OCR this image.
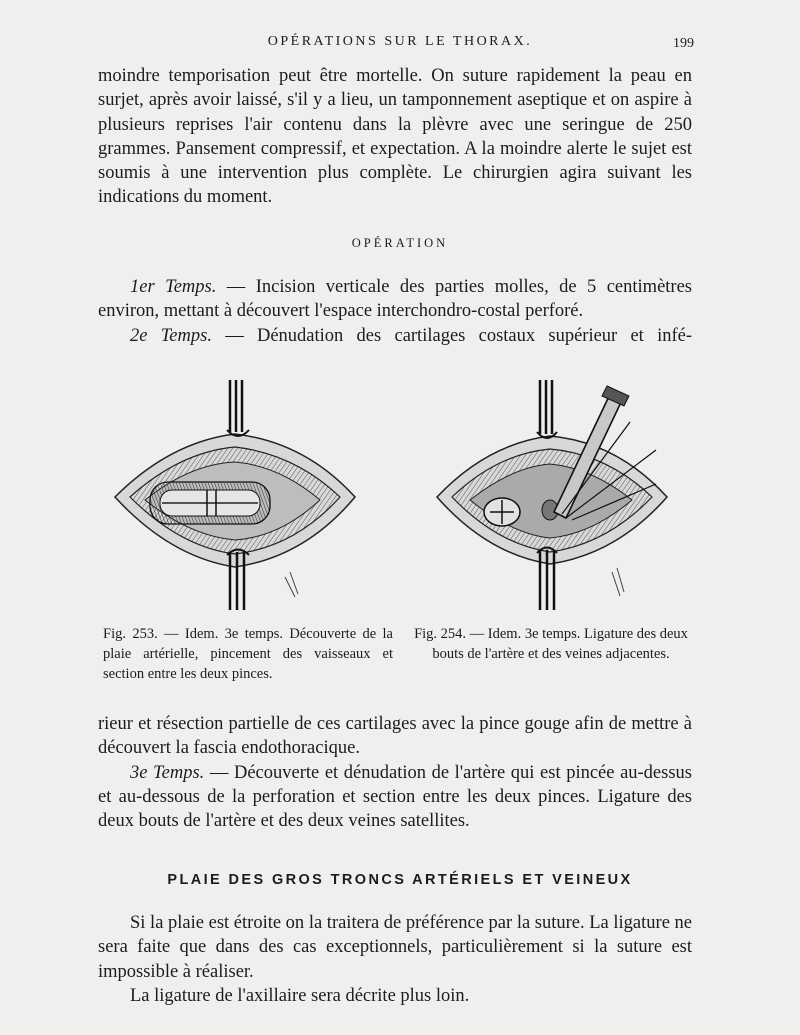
OPÉRATIONS SUR LE THORAX.	199

moindre temporisation peut être mortelle. On suture rapidement la peau en surjet, après avoir laissé, s'il y a lieu, un tamponnement aseptique et on aspire à plusieurs reprises l'air contenu dans la plèvre avec une seringue de 250 grammes. Pansement compressif, et expectation. A la moindre alerte le sujet est soumis à une intervention plus complète. Le chirurgien agira suivant les indications du moment.

OPÉRATION

1er Temps. — Incision verticale des parties molles, de 5 centimètres environ, mettant à découvert l'espace interchondro-costal perforé.

2e Temps. — Dénudation des cartilages costaux supérieur et infé-

Fig. 253. — Idem. 3e temps. Découverte de la plaie artérielle, pincement des vaisseaux et section entre les deux pinces.
Fig. 254. — Idem. 3e temps. Ligature des deux bouts de l'artère et des veines adjacentes.

rieur et résection partielle de ces cartilages avec la pince gouge afin de mettre à découvert la fascia endothoracique.

3e Temps. — Découverte et dénudation de l'artère qui est pincée au-dessus et au-dessous de la perforation et section entre les deux pinces. Ligature des deux bouts de l'artère et des deux veines satellites.

PLAIE DES GROS TRONCS ARTÉRIELS ET VEINEUX

Si la plaie est étroite on la traitera de préférence par la suture. La ligature ne sera faite que dans des cas exceptionnels, particulièrement si la suture est impossible à réaliser.

La ligature de l'axillaire sera décrite plus loin.
